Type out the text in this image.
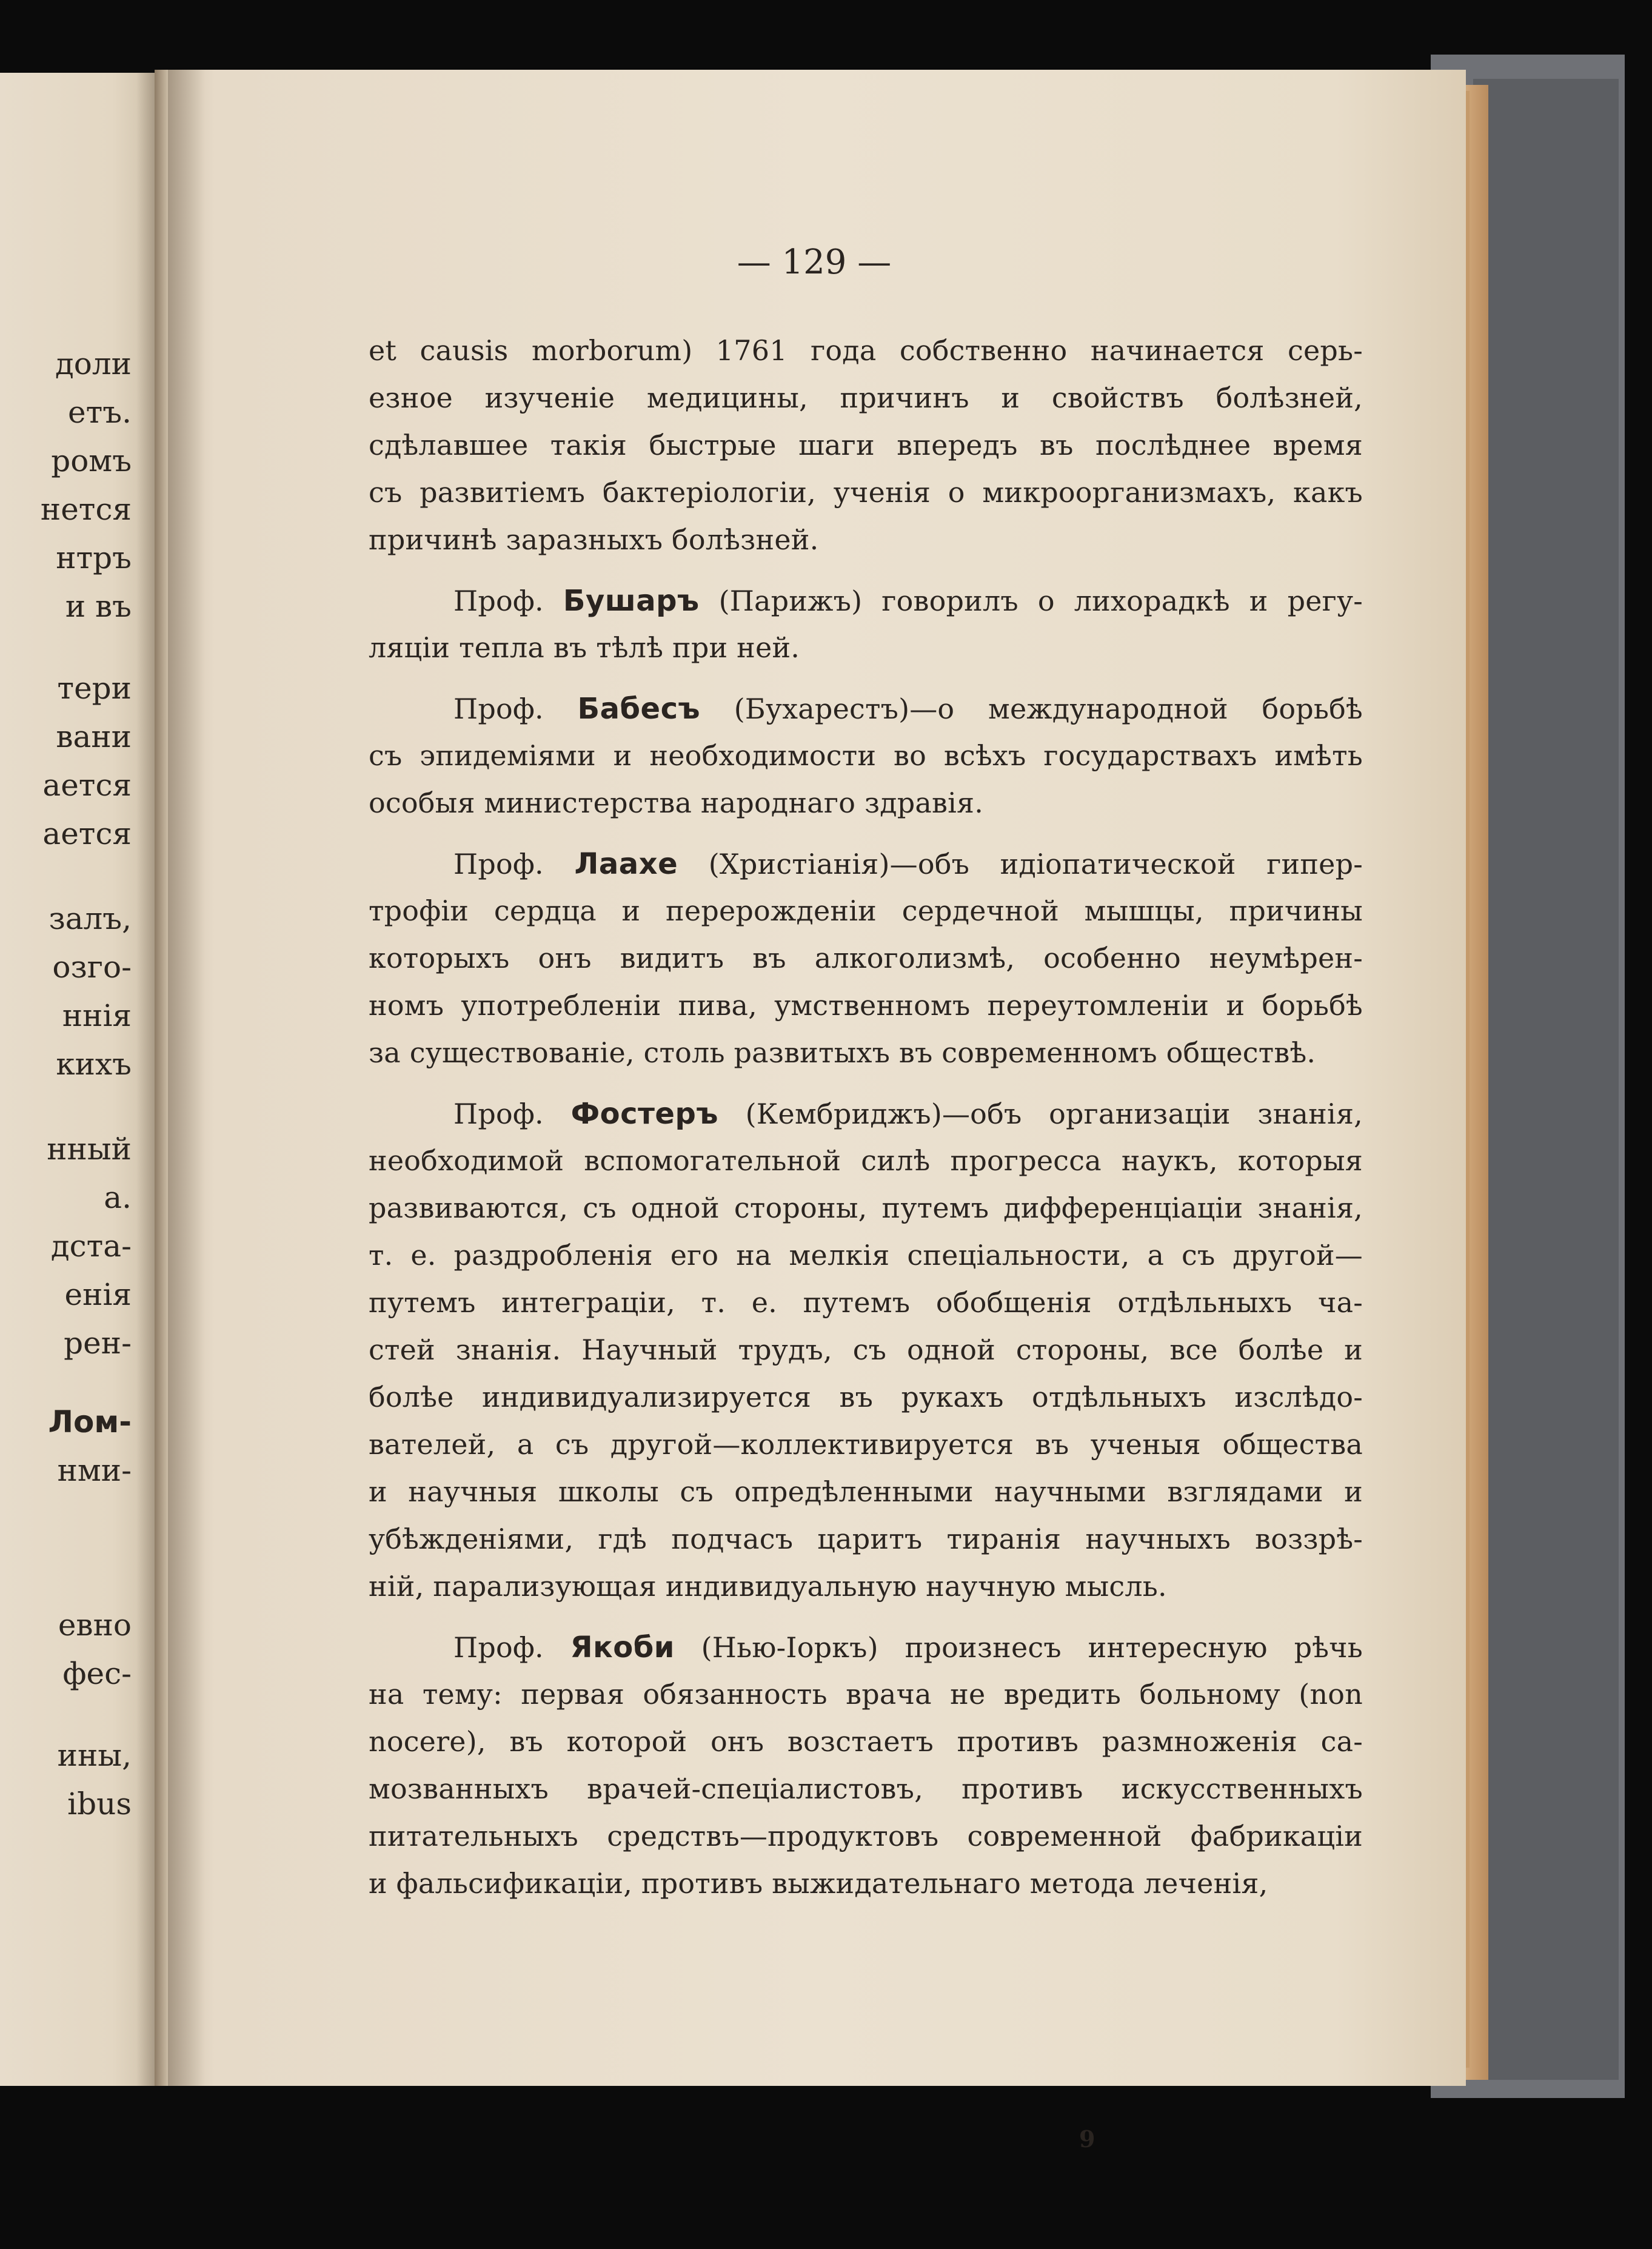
доли
етъ.
ромъ
нется
нтръ
и въ
тери
вани
ается
ается
залъ,
озго-
ннія
кихъ
нный
а.
дста-
енія
рен-
Лом-
нми-
евно
фес-
ины,
ibus
— 129 —
et causis morborum) 1761 года собственно начинается серь-
езное изученіе медицины, причинъ и свойствъ болѣзней,
сдѣлавшее такія быстрые шаги впередъ въ послѣднее время
съ развитіемъ бактеріологіи, ученія о микроорганизмахъ, какъ
причинѣ заразныхъ болѣзней.
Проф. Бушаръ (Парижъ) говорилъ о лихорадкѣ и регу-
ляціи тепла въ тѣлѣ при ней.
Проф. Бабесъ (Бухарестъ)—о международной борьбѣ
съ эпидеміями и необходимости во всѣхъ государствахъ имѣть
особыя министерства народнаго здравія.
Проф. Лаахе (Христіанія)—объ идіопатической гипер-
трофіи сердца и перерожденіи сердечной мышцы, причины
которыхъ онъ видитъ въ алкоголизмѣ, особенно неумѣрен-
номъ употребленіи пива, умственномъ переутомленіи и борьбѣ
за существованіе, столь развитыхъ въ современномъ обществѣ.
Проф. Фостеръ (Кембриджъ)—объ организаціи знанія,
необходимой вспомогательной силѣ прогресса наукъ, которыя
развиваются, съ одной стороны, путемъ дифференціаціи знанія,
т. е. раздробленія его на мелкія спеціальности, а съ другой—
путемъ интеграціи, т. е. путемъ обобщенія отдѣльныхъ ча-
стей знанія. Научный трудъ, съ одной стороны, все болѣе и
болѣе индивидуализируется въ рукахъ отдѣльныхъ изслѣдо-
вателей, а съ другой—коллективируется въ ученыя общества
и научныя школы съ опредѣленными научными взглядами и
убѣжденіями, гдѣ подчасъ царитъ тиранія научныхъ воззрѣ-
ній, парализующая индивидуальную научную мысль.
Проф. Якоби (Нью-Іоркъ) произнесъ интересную рѣчь
на тему: первая обязанность врача не вредить больному (non
nocere), въ которой онъ возстаетъ противъ размноженія са-
мозванныхъ врачей-спеціалистовъ, противъ искусственныхъ
питательныхъ средствъ—продуктовъ современной фабрикаціи
и фальсификаціи, противъ выжидательнаго метода леченія,
9
